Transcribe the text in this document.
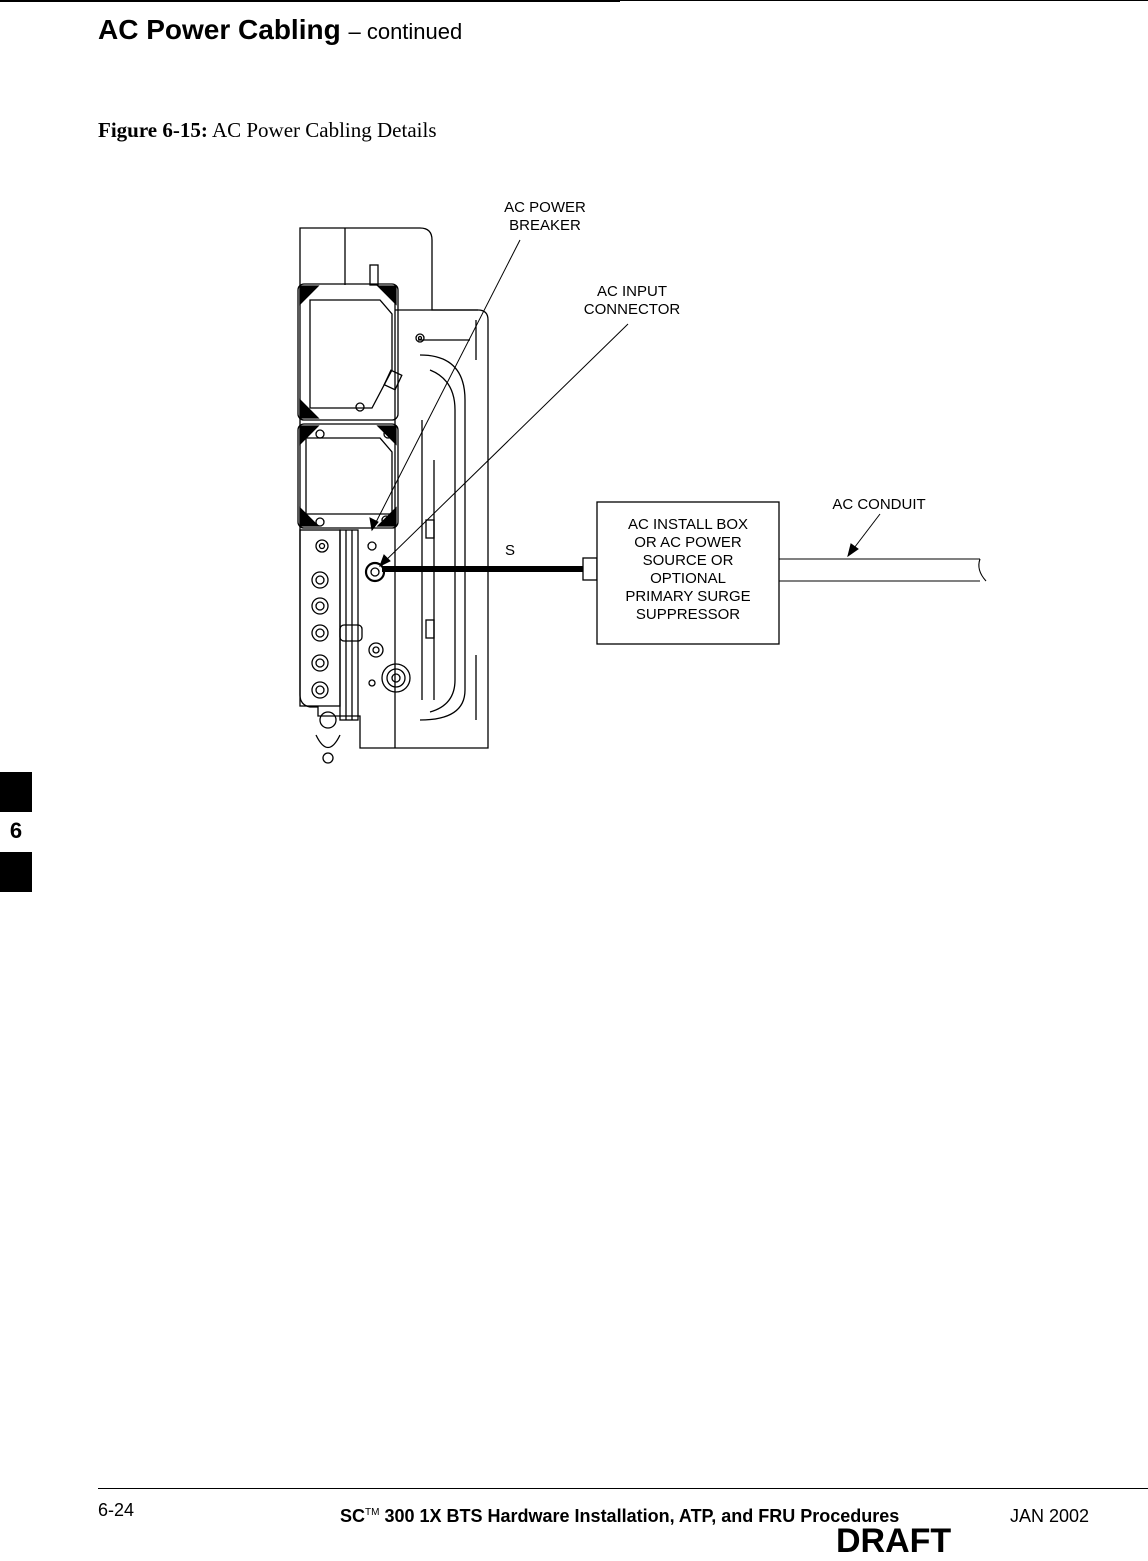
AC Power Cabling – continued
Figure 6-15: AC Power Cabling Details
AC INSTALL BOX
OR AC POWER
SOURCE OR
OPTIONAL
PRIMARY SURGE
SUPPRESSOR
AC POWER
BREAKER
AC INPUT
CONNECTOR
AC CONDUIT
S
6
6-24	SC™ 300 1X BTS Hardware Installation, ATP, and FRU Procedures	JAN 2002
DRAFT
